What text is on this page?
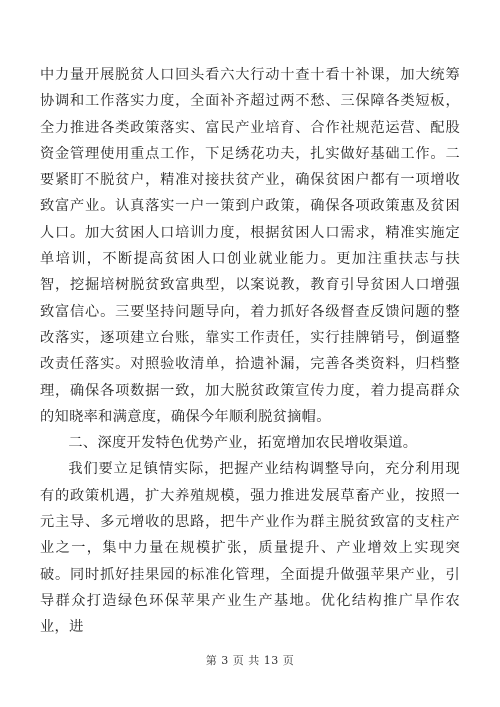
中力量开展脱贫人口回头看六大行动十查十看十补课，加大统筹协调和工作落实力度，全面补齐超过两不愁、三保障各类短板，全力推进各类政策落实、富民产业培育、合作社规范运营、配股资金管理使用重点工作，下足绣花功夫，扎实做好基础工作。二要紧盯不脱贫户，精准对接扶贫产业，确保贫困户都有一项增收致富产业。认真落实一户一策到户政策，确保各项政策惠及贫困人口。加大贫困人口培训力度，根据贫困人口需求，精准实施定单培训，不断提高贫困人口创业就业能力。更加注重扶志与扶智，挖掘培树脱贫致富典型，以案说教，教育引导贫困人口增强致富信心。三要坚持问题导向，着力抓好各级督查反馈问题的整改落实，逐项建立台账，靠实工作责任，实行挂牌销号，倒逼整改责任落实。对照验收清单，拾遗补漏，完善各类资料，归档整理，确保各项数据一致，加大脱贫政策宣传力度，着力提高群众的知晓率和满意度，确保今年顺利脱贫摘帽。

二、深度开发特色优势产业，拓宽增加农民增收渠道。

我们要立足镇情实际，把握产业结构调整导向，充分利用现有的政策机遇，扩大养殖规模，强力推进发展草畜产业，按照一元主导、多元增收的思路，把牛产业作为群主脱贫致富的支柱产业之一，集中力量在规模扩张，质量提升、产业增效上实现突破。同时抓好挂果园的标准化管理，全面提升做强苹果产业，引导群众打造绿色环保苹果产业生产基地。优化结构推广旱作农业，进

第 3 页 共 13 页
